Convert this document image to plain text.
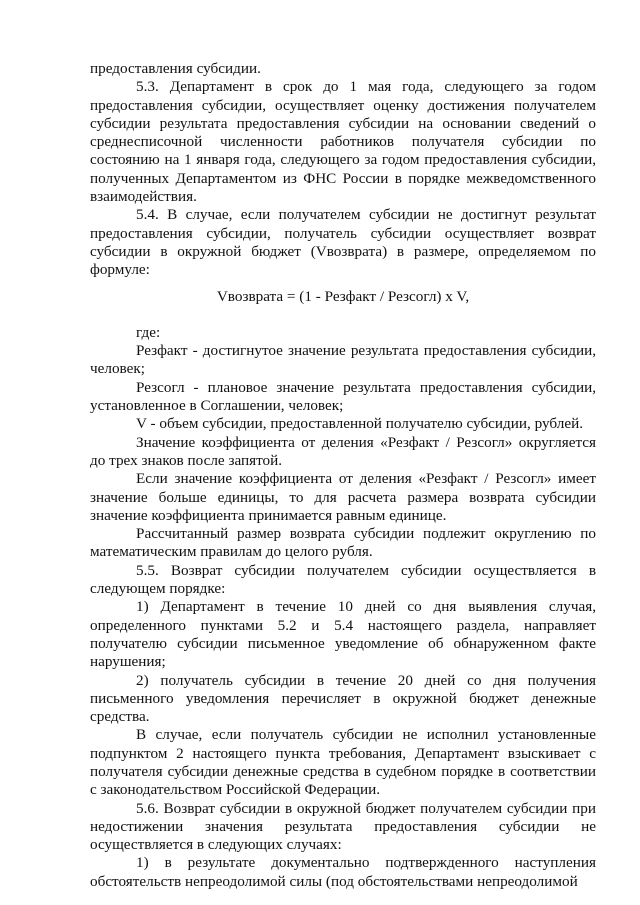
предоставления субсидии.

5.3. Департамент в срок до 1 мая года, следующего за годом предоставления субсидии, осуществляет оценку достижения получателем субсидии результата предоставления субсидии на основании сведений о среднесписочной численности работников получателя субсидии по состоянию на 1 января года, следующего за годом предоставления субсидии, полученных Департаментом из ФНС России в порядке межведомственного взаимодействия.

5.4. В случае, если получателем субсидии не достигнут результат предоставления субсидии, получатель субсидии осуществляет возврат субсидии в окружной бюджет (Vвозврата) в размере, определяемом по формуле:

Vвозврата = (1 - Резфакт / Резсогл) x V,

где:

Резфакт - достигнутое значение результата предоставления субсидии, человек;

Резсогл - плановое значение результата предоставления субсидии, установленное в Соглашении, человек;

V - объем субсидии, предоставленной получателю субсидии, рублей.

Значение коэффициента от деления «Резфакт / Резсогл» округляется до трех знаков после запятой.

Если значение коэффициента от деления «Резфакт / Резсогл» имеет значение больше единицы, то для расчета размера возврата субсидии значение коэффициента принимается равным единице.

Рассчитанный размер возврата субсидии подлежит округлению по математическим правилам до целого рубля.

5.5. Возврат субсидии получателем субсидии осуществляется в следующем порядке:

1) Департамент в течение 10 дней со дня выявления случая, определенного пунктами 5.2 и 5.4 настоящего раздела, направляет получателю субсидии письменное уведомление об обнаруженном факте нарушения;

2) получатель субсидии в течение 20 дней со дня получения письменного уведомления перечисляет в окружной бюджет денежные средства.

В случае, если получатель субсидии не исполнил установленные подпунктом 2 настоящего пункта требования, Департамент взыскивает с получателя субсидии денежные средства в судебном порядке в соответствии с законодательством Российской Федерации.

5.6. Возврат субсидии в окружной бюджет получателем субсидии при недостижении значения результата предоставления субсидии не осуществляется в следующих случаях:

1) в результате документально подтвержденного наступления обстоятельств непреодолимой силы (под обстоятельствами непреодолимой
